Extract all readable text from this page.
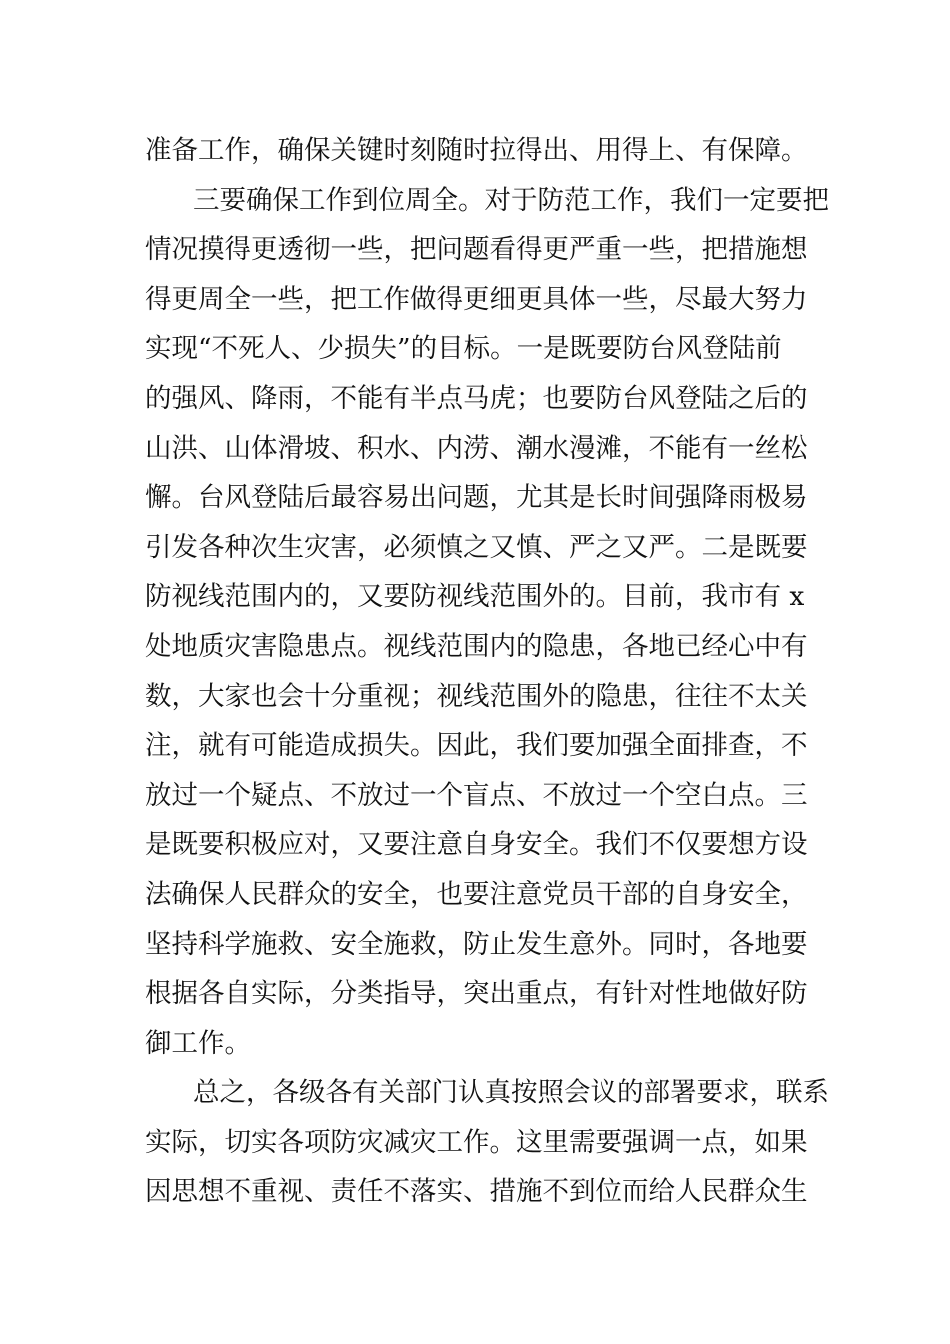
准备工作，确保关键时刻随时拉得出、用得上、有保障。
三要确保工作到位周全。对于防范工作，我们一定要把
情况摸得更透彻一些，把问题看得更严重一些，把措施想
得更周全一些，把工作做得更细更具体一些，尽最大努力
实现“不死人、少损失”的目标。一是既要防台风登陆前
的强风、降雨，不能有半点马虎；也要防台风登陆之后的
山洪、山体滑坡、积水、内涝、潮水漫滩，不能有一丝松
懈。台风登陆后最容易出问题，尤其是长时间强降雨极易
引发各种次生灾害，必须慎之又慎、严之又严。二是既要
防视线范围内的，又要防视线范围外的。目前，我市有 x
处地质灾害隐患点。视线范围内的隐患，各地已经心中有
数，大家也会十分重视；视线范围外的隐患，往往不太关
注，就有可能造成损失。因此，我们要加强全面排查，不
放过一个疑点、不放过一个盲点、不放过一个空白点。三
是既要积极应对，又要注意自身安全。我们不仅要想方设
法确保人民群众的安全，也要注意党员干部的自身安全，
坚持科学施救、安全施救，防止发生意外。同时，各地要
根据各自实际，分类指导，突出重点，有针对性地做好防
御工作。
总之，各级各有关部门认真按照会议的部署要求，联系
实际，切实各项防灾减灾工作。这里需要强调一点，如果
因思想不重视、责任不落实、措施不到位而给人民群众生
